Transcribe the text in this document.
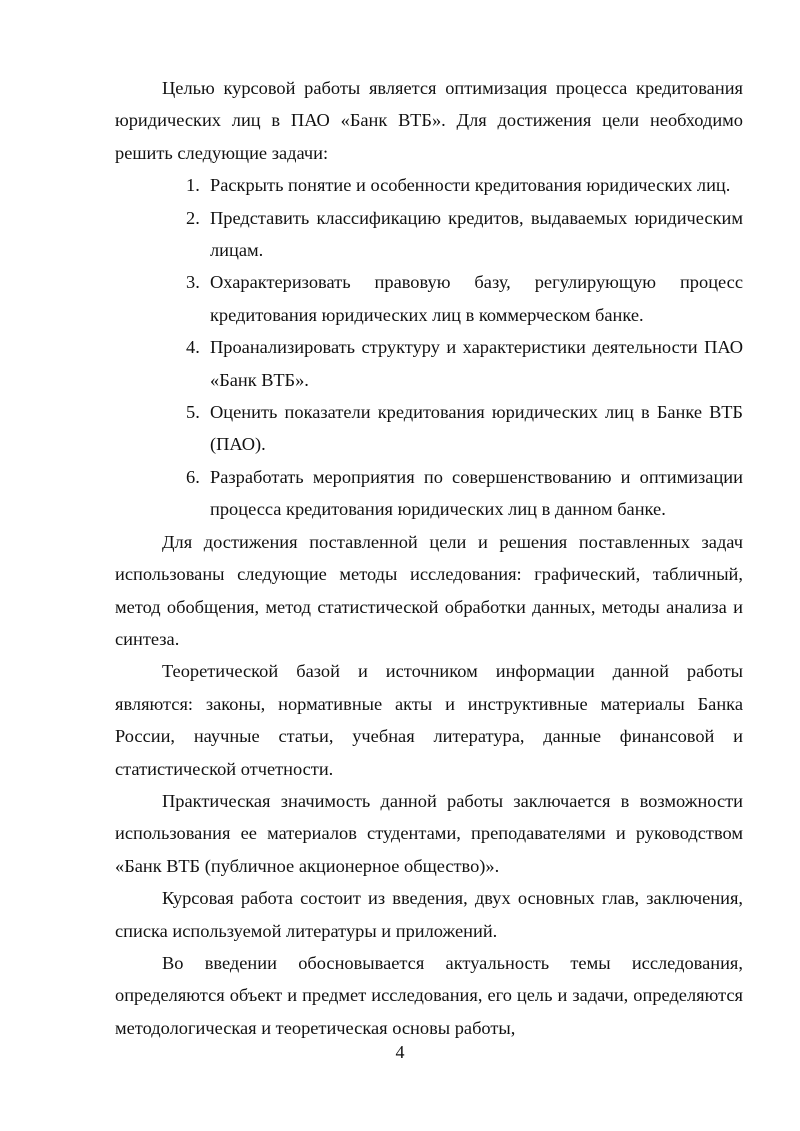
Целью курсовой работы является оптимизация процесса кредитования юридических лиц в ПАО «Банк ВТБ». Для достижения цели необходимо решить следующие задачи:

1. Раскрыть понятие и особенности кредитования юридических лиц.
2. Представить классификацию кредитов, выдаваемых юридическим лицам.
3. Охарактеризовать правовую базу, регулирующую процесс кредитования юридических лиц в коммерческом банке.
4. Проанализировать структуру и характеристики деятельности ПАО «Банк ВТБ».
5. Оценить показатели кредитования юридических лиц в Банке ВТБ (ПАО).
6. Разработать мероприятия по совершенствованию и оптимизации процесса кредитования юридических лиц в данном банке.

Для достижения поставленной цели и решения поставленных задач использованы следующие методы исследования: графический, табличный, метод обобщения, метод статистической обработки данных, методы анализа и синтеза.

Теоретической базой и источником информации данной работы являются: законы, нормативные акты и инструктивные материалы Банка России, научные статьи, учебная литература, данные финансовой и статистической отчетности.

Практическая значимость данной работы заключается в возможности использования ее материалов студентами, преподавателями и руководством «Банк ВТБ (публичное акционерное общество)».

Курсовая работа состоит из введения, двух основных глав, заключения, списка используемой литературы и приложений.

Во введении обосновывается актуальность темы исследования, определяются объект и предмет исследования, его цель и задачи, определяются методологическая и теоретическая основы работы,

4
